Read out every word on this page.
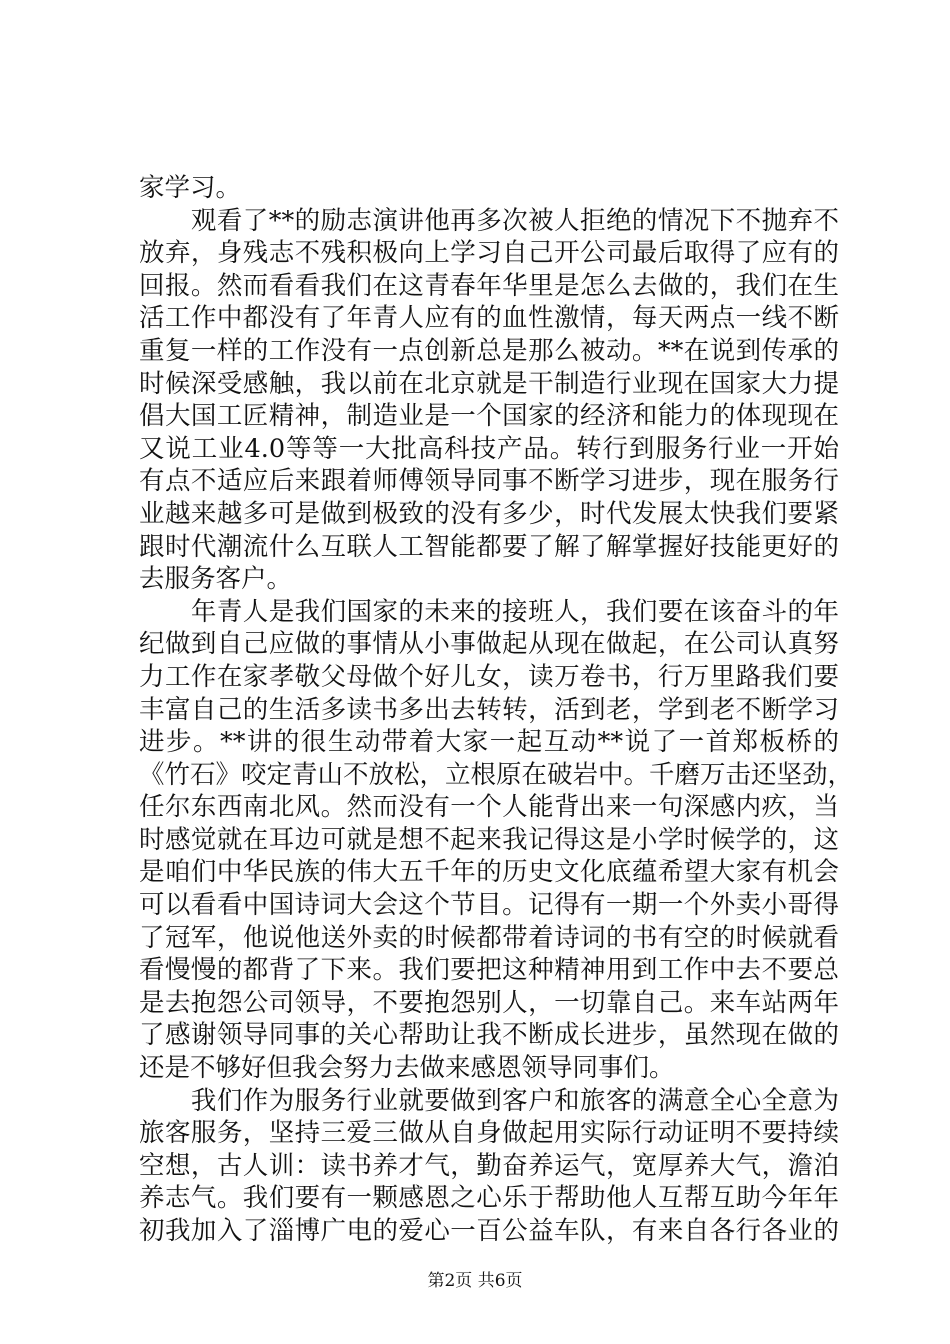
家学习。
　　观看了**的励志演讲他再多次被人拒绝的情况下不抛弃不
放弃，身残志不残积极向上学习自己开公司最后取得了应有的
回报。然而看看我们在这青春年华里是怎么去做的，我们在生
活工作中都没有了年青人应有的血性激情，每天两点一线不断
重复一样的工作没有一点创新总是那么被动。**在说到传承的
时候深受感触，我以前在北京就是干制造行业现在国家大力提
倡大国工匠精神，制造业是一个国家的经济和能力的体现现在
又说工业4.0等等一大批高科技产品。转行到服务行业一开始
有点不适应后来跟着师傅领导同事不断学习进步，现在服务行
业越来越多可是做到极致的没有多少，时代发展太快我们要紧
跟时代潮流什么互联人工智能都要了解了解掌握好技能更好的
去服务客户。
　　年青人是我们国家的未来的接班人，我们要在该奋斗的年
纪做到自己应做的事情从小事做起从现在做起，在公司认真努
力工作在家孝敬父母做个好儿女，读万卷书，行万里路我们要
丰富自己的生活多读书多出去转转，活到老，学到老不断学习
进步。**讲的很生动带着大家一起互动**说了一首郑板桥的
《竹石》咬定青山不放松，立根原在破岩中。千磨万击还坚劲，
任尔东西南北风。然而没有一个人能背出来一句深感内疚，当
时感觉就在耳边可就是想不起来我记得这是小学时候学的，这
是咱们中华民族的伟大五千年的历史文化底蕴希望大家有机会
可以看看中国诗词大会这个节目。记得有一期一个外卖小哥得
了冠军，他说他送外卖的时候都带着诗词的书有空的时候就看
看慢慢的都背了下来。我们要把这种精神用到工作中去不要总
是去抱怨公司领导，不要抱怨别人，一切靠自己。来车站两年
了感谢领导同事的关心帮助让我不断成长进步，虽然现在做的
还是不够好但我会努力去做来感恩领导同事们。
　　我们作为服务行业就要做到客户和旅客的满意全心全意为
旅客服务，坚持三爱三做从自身做起用实际行动证明不要持续
空想，古人训：读书养才气，勤奋养运气，宽厚养大气，澹泊
养志气。我们要有一颗感恩之心乐于帮助他人互帮互助今年年
初我加入了淄博广电的爱心一百公益车队，有来自各行各业的
第2页 共6页
